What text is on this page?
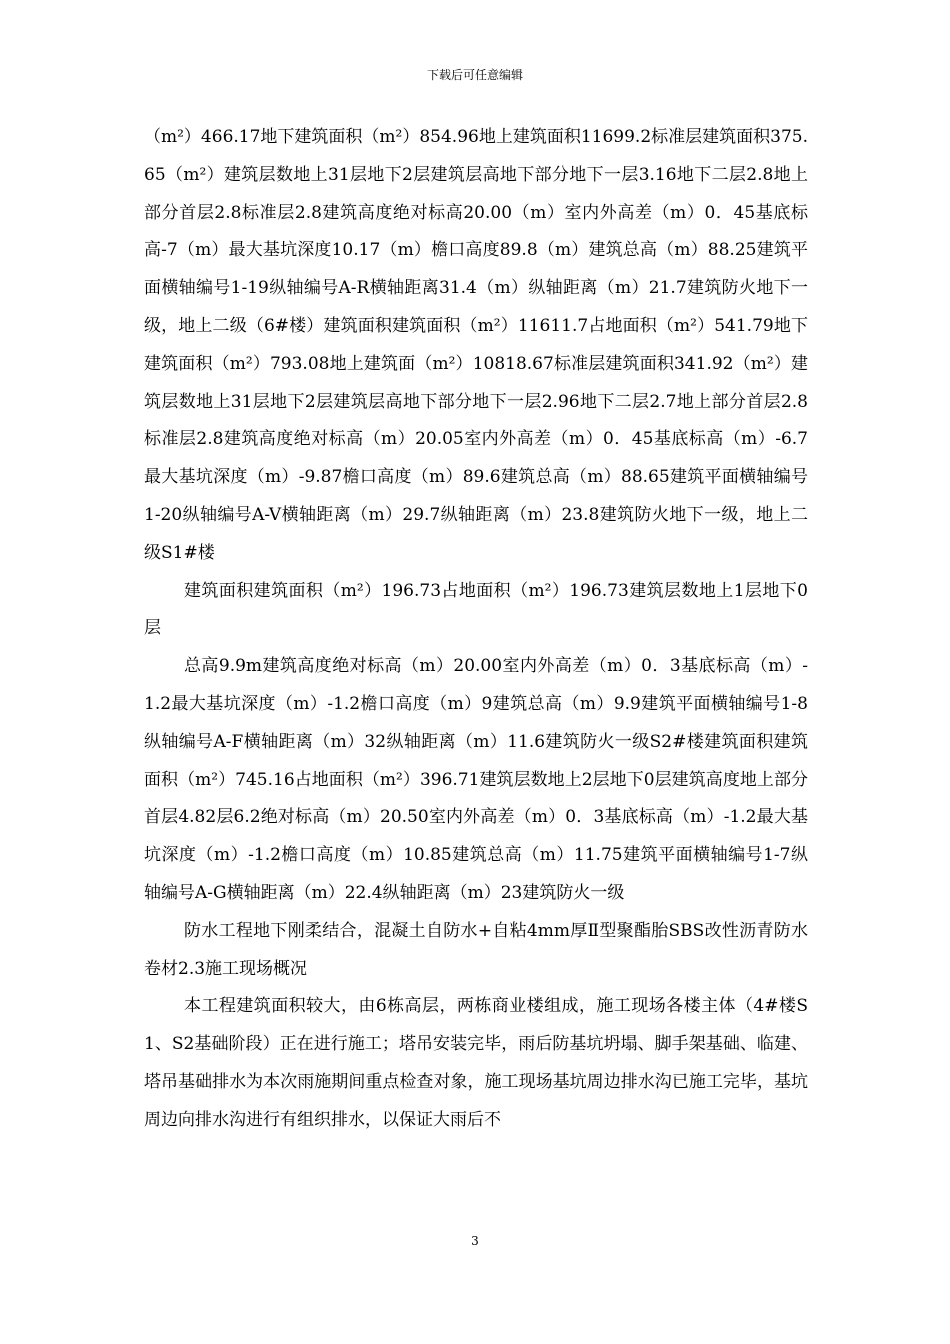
下载后可任意编辑

（m²）466.17地下建筑面积（m²）854.96地上建筑面积11699.2标准层建筑面积375.65（m²）建筑层数地上31层地下2层建筑层高地下部分地下一层3.16地下二层2.8地上部分首层2.8标准层2.8建筑高度绝对标高20.00（m）室内外高差（m）0．45基底标高-7（m）最大基坑深度10.17（m）檐口高度89.8（m）建筑总高（m）88.25建筑平面横轴编号1-19纵轴编号A-R横轴距离31.4（m）纵轴距离（m）21.7建筑防火地下一级，地上二级（6#楼）建筑面积建筑面积（m²）11611.7占地面积（m²）541.79地下建筑面积（m²）793.08地上建筑面（m²）10818.67标准层建筑面积341.92（m²）建筑层数地上31层地下2层建筑层高地下部分地下一层2.96地下二层2.7地上部分首层2.8标准层2.8建筑高度绝对标高（m）20.05室内外高差（m）0．45基底标高（m）-6.7最大基坑深度（m）-9.87檐口高度（m）89.6建筑总高（m）88.65建筑平面横轴编号1-20纵轴编号A-V横轴距离（m）29.7纵轴距离（m）23.8建筑防火地下一级，地上二级S1#楼

建筑面积建筑面积（m²）196.73占地面积（m²）196.73建筑层数地上1层地下0层

总高9.9m建筑高度绝对标高（m）20.00室内外高差（m）0．3基底标高（m）-1.2最大基坑深度（m）-1.2檐口高度（m）9建筑总高（m）9.9建筑平面横轴编号1-8纵轴编号A-F横轴距离（m）32纵轴距离（m）11.6建筑防火一级S2#楼建筑面积建筑面积（m²）745.16占地面积（m²）396.71建筑层数地上2层地下0层建筑高度地上部分首层4.82层6.2绝对标高（m）20.50室内外高差（m）0．3基底标高（m）-1.2最大基坑深度（m）-1.2檐口高度（m）10.85建筑总高（m）11.75建筑平面横轴编号1-7纵轴编号A-G横轴距离（m）22.4纵轴距离（m）23建筑防火一级

防水工程地下刚柔结合，混凝土自防水+自粘4mm厚Ⅱ型聚酯胎SBS改性沥青防水卷材2.3施工现场概况

本工程建筑面积较大，由6栋高层，两栋商业楼组成，施工现场各楼主体（4#楼S1、S2基础阶段）正在进行施工；塔吊安装完毕，雨后防基坑坍塌、脚手架基础、临建、塔吊基础排水为本次雨施期间重点检查对象，施工现场基坑周边排水沟已施工完毕，基坑周边向排水沟进行有组织排水，以保证大雨后不

3
